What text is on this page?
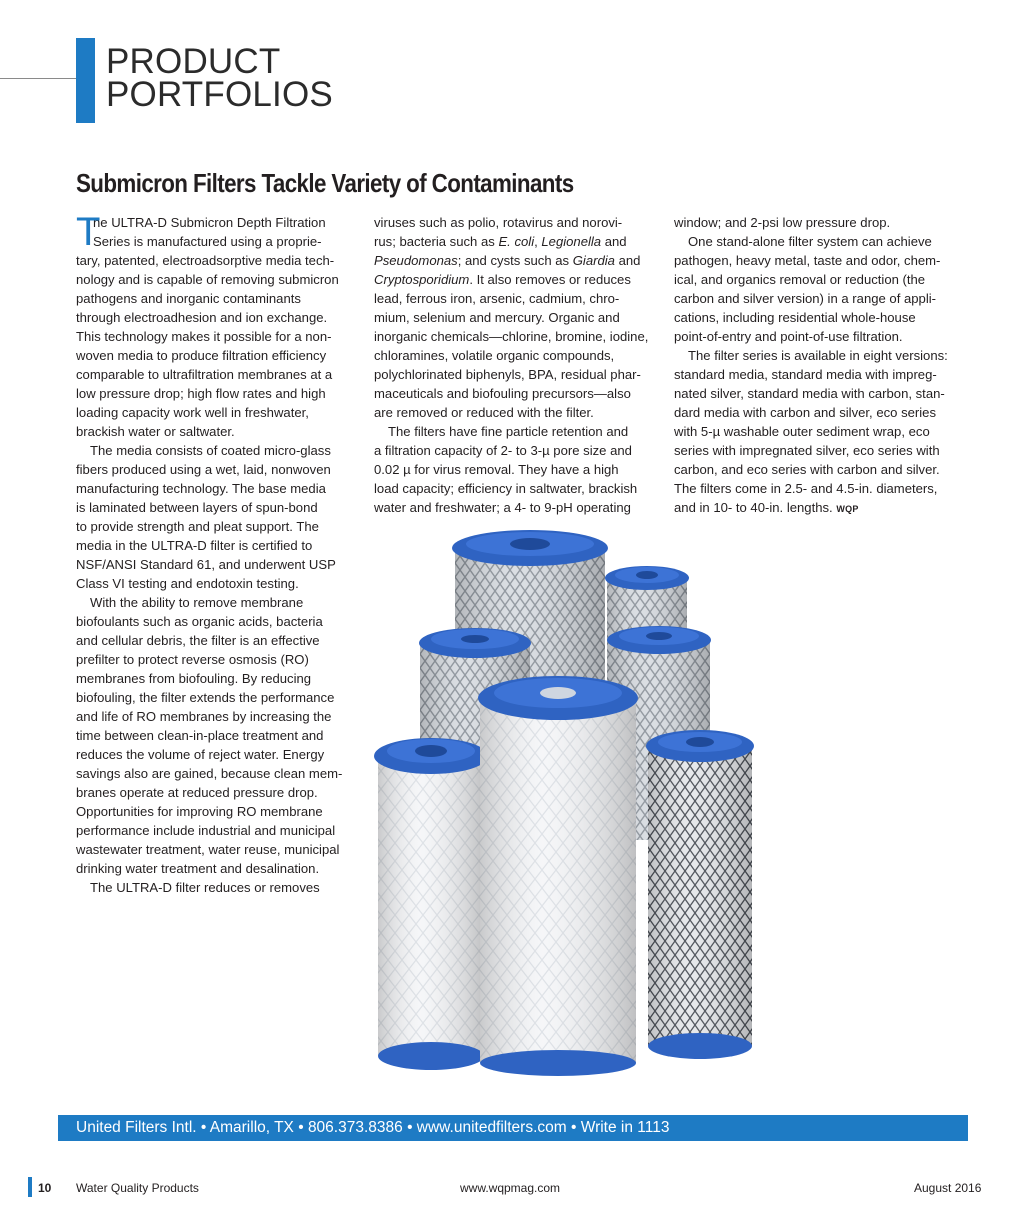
PRODUCT
PORTFOLIOS
Submicron Filters Tackle Variety of Contaminants
T

he ULTRA-D Submicron Depth Filtration

Series is manufactured using a proprie-

tary, patented, electroadsorptive media tech-

nology and is capable of removing submicron

pathogens and inorganic contaminants

through electroadhesion and ion exchange.

This technology makes it possible for a non-

woven media to produce filtration efficiency

comparable to ultrafiltration membranes at a

low pressure drop; high flow rates and high

loading capacity work well in freshwater,

brackish water or saltwater.

The media consists of coated micro-glass

fibers produced using a wet, laid, nonwoven

manufacturing technology. The base media

is laminated between layers of spun-bond

to provide strength and pleat support. The

media in the ULTRA-D filter is certified to

NSF/ANSI Standard 61, and underwent USP

Class VI testing and endotoxin testing.

With the ability to remove membrane

biofoulants such as organic acids, bacteria

and cellular debris, the filter is an effective

prefilter to protect reverse osmosis (RO)

membranes from biofouling. By reducing

biofouling, the filter extends the performance

and life of RO membranes by increasing the

time between clean-in-place treatment and

reduces the volume of reject water. Energy

savings also are gained, because clean mem-

branes operate at reduced pressure drop.

Opportunities for improving RO membrane

performance include industrial and municipal

wastewater treatment, water reuse, municipal

drinking water treatment and desalination.

The ULTRA-D filter reduces or removes

viruses such as polio, rotavirus and norovi-

rus; bacteria such as E. coli, Legionella and

Pseudomonas; and cysts such as Giardia and

Cryptosporidium. It also removes or reduces

lead, ferrous iron, arsenic, cadmium, chro-

mium, selenium and mercury. Organic and

inorganic chemicals—chlorine, bromine, iodine,

chloramines, volatile organic compounds,

polychlorinated biphenyls, BPA, residual phar-

maceuticals and biofouling precursors—also

are removed or reduced with the filter.

The filters have fine particle retention and

a filtration capacity of 2- to 3-µ pore size and

0.02 µ for virus removal. They have a high

load capacity; efficiency in saltwater, brackish

water and freshwater; a 4- to 9-pH operating

window; and 2-psi low pressure drop.

One stand-alone filter system can achieve

pathogen, heavy metal, taste and odor, chem-

ical, and organics removal or reduction (the

carbon and silver version) in a range of appli-

cations, including residential whole-house

point-of-entry and point-of-use filtration.

The filter series is available in eight versions:

standard media, standard media with impreg-

nated silver, standard media with carbon, stan-

dard media with carbon and silver, eco series

with 5-µ washable outer sediment wrap, eco

series with impregnated silver, eco series with

carbon, and eco series with carbon and silver.

The filters come in 2.5- and 4.5-in. diameters,

and in 10- to 40-in. lengths. WQP

United Filters Intl. • Amarillo, TX • 806.373.8386 • www.unitedfilters.com • Write in 1113
10 Water Quality Products	www.wqpmag.com	August 2016
